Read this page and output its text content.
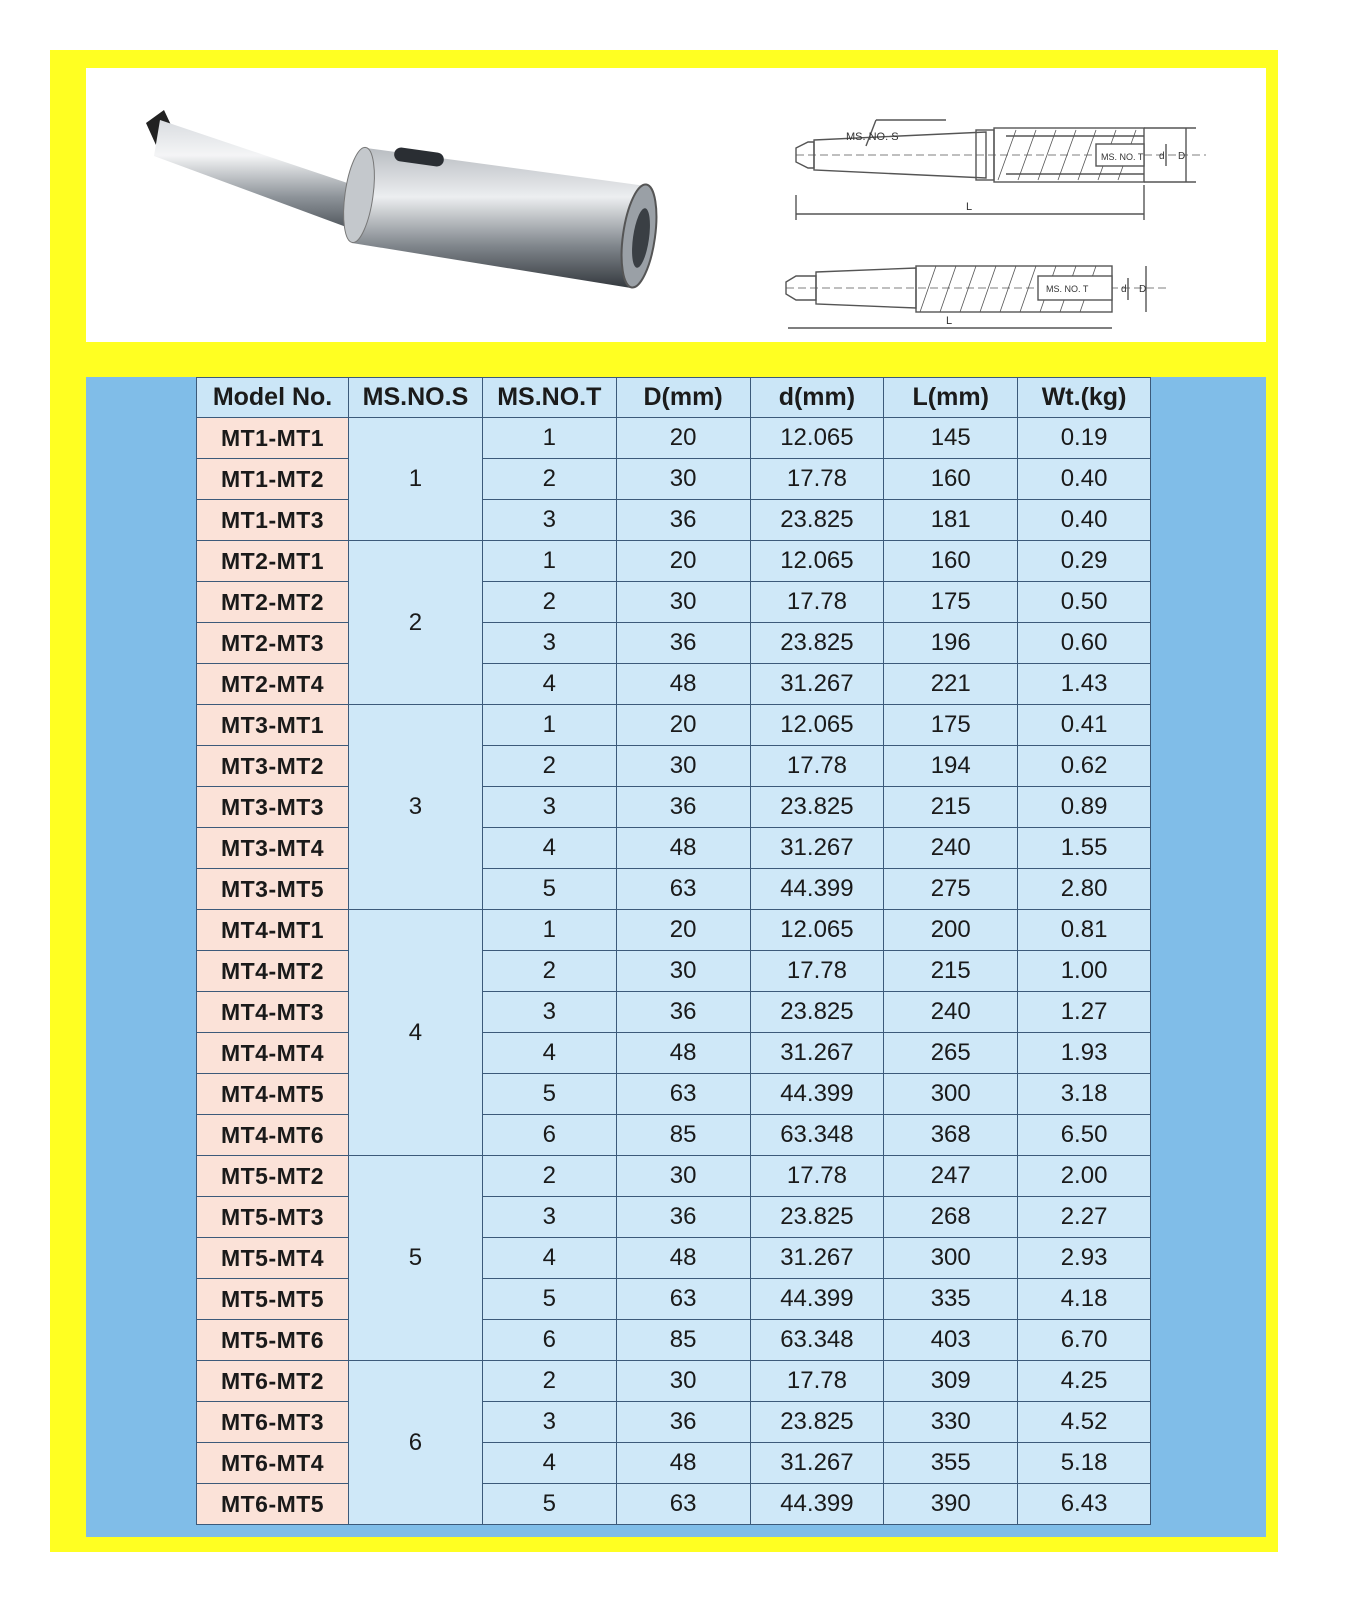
MS. NO. S
MS. NO. T
MS. NO. T
L
L
d D
d D
Model No.	MS.NO.S	MS.NO.T	D(mm)	d(mm)	L(mm)	Wt.(kg)
MT1-MT1	1	1	20	12.065	145	0.19
MT1-MT2		2	30	17.78	160	0.40
MT1-MT3		3	36	23.825	181	0.40
MT2-MT1	2	1	20	12.065	160	0.29
MT2-MT2		2	30	17.78	175	0.50
MT2-MT3		3	36	23.825	196	0.60
MT2-MT4		4	48	31.267	221	1.43
MT3-MT1	3	1	20	12.065	175	0.41
MT3-MT2		2	30	17.78	194	0.62
MT3-MT3		3	36	23.825	215	0.89
MT3-MT4		4	48	31.267	240	1.55
MT3-MT5		5	63	44.399	275	2.80
MT4-MT1	4	1	20	12.065	200	0.81
MT4-MT2		2	30	17.78	215	1.00
MT4-MT3		3	36	23.825	240	1.27
MT4-MT4		4	48	31.267	265	1.93
MT4-MT5		5	63	44.399	300	3.18
MT4-MT6		6	85	63.348	368	6.50
MT5-MT2	5	2	30	17.78	247	2.00
MT5-MT3		3	36	23.825	268	2.27
MT5-MT4		4	48	31.267	300	2.93
MT5-MT5		5	63	44.399	335	4.18
MT5-MT6		6	85	63.348	403	6.70
MT6-MT2	6	2	30	17.78	309	4.25
MT6-MT3		3	36	23.825	330	4.52
MT6-MT4		4	48	31.267	355	5.18
MT6-MT5		5	63	44.399	390	6.43
